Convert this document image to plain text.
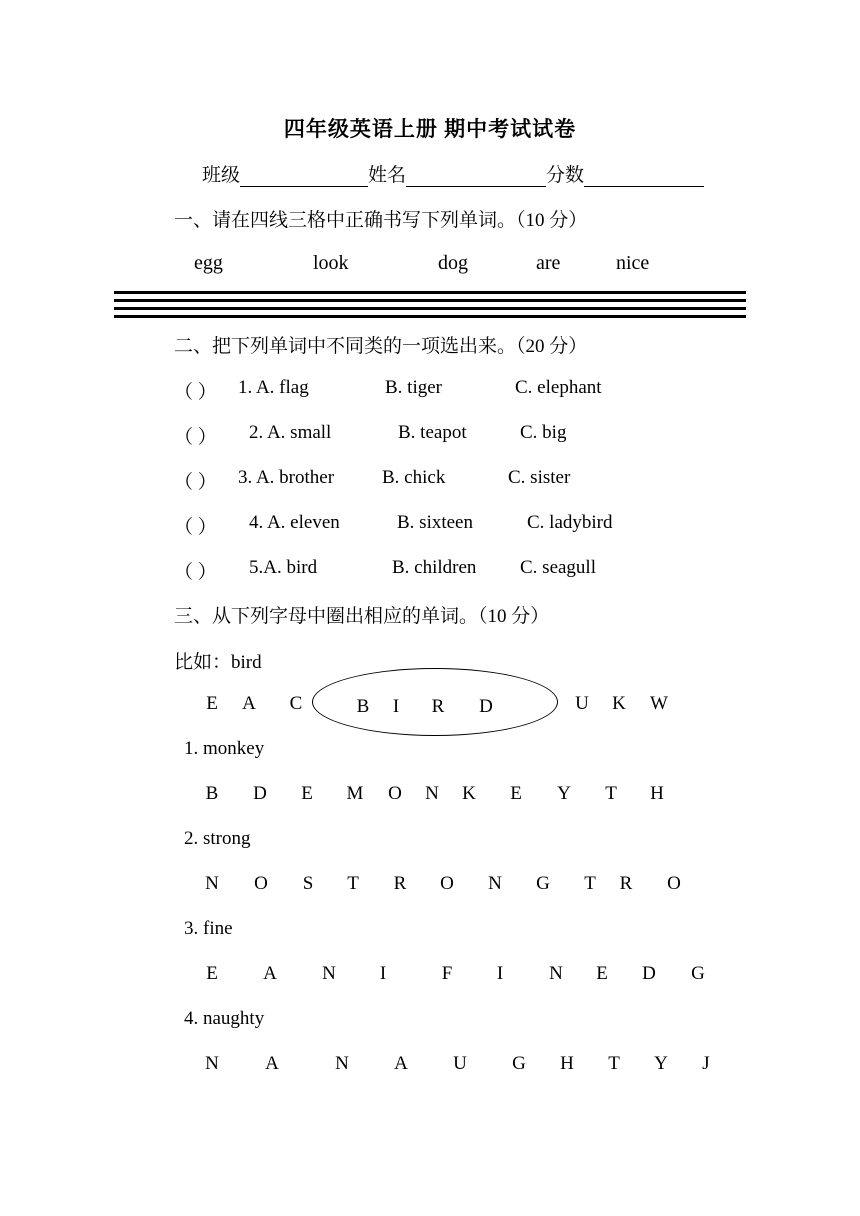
四年级英语上册 期中考试试卷
班级	姓名	分数
一、请在四线三格中正确书写下列单词。（10 分）
egg	look	dog	are	nice
二、把下列单词中不同类的一项选出来。（20 分）
（ ） 1. A. flag	B. tiger	C. elephant
（ ） 2. A. small	B. teapot	C. big
（ ） 3. A. brother	B. chick	C. sister
（ ） 4. A. eleven	B. sixteen	C. ladybird
（ ） 5.A. bird	B. children C. seagull
三、从下列字母中圈出相应的单词。（10 分）
比如：bird
E A C	B I R D	U K W
1. monkey
B D E M O N K E Y T H
2. strong
N O S T R O N G T R O
3. fine
E A N I	F I N E D G
4. naughty
N A	N A U G H T Y J
